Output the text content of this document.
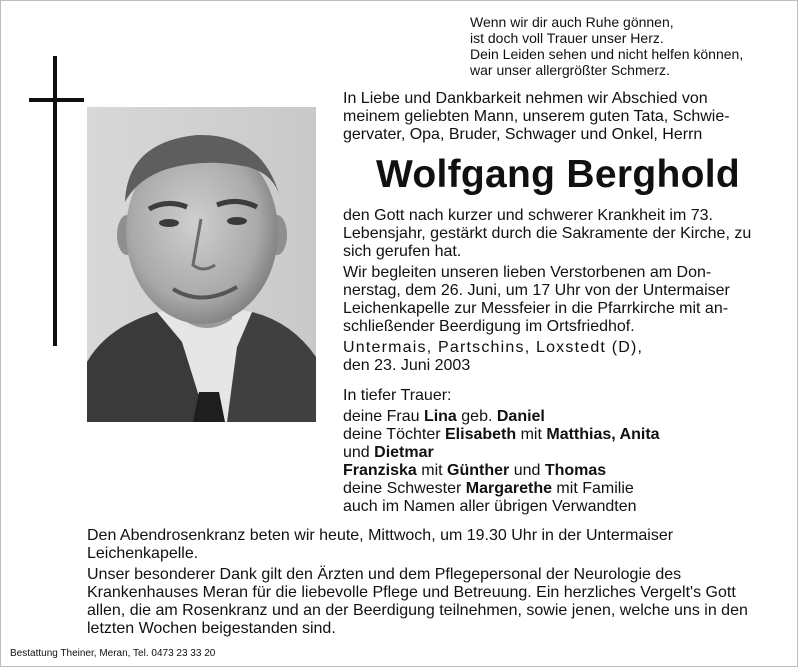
Wenn wir dir auch Ruhe gönnen,
ist doch voll Trauer unser Herz.
Dein Leiden sehen und nicht helfen können,
war unser allergrößter Schmerz.
In Liebe und Dankbarkeit nehmen wir Abschied von
meinem geliebten Mann, unserem guten Tata, Schwie-
gervater, Opa, Bruder, Schwager und Onkel, Herrn
Wolfgang Berghold
den Gott nach kurzer und schwerer Krankheit im 73.
Lebensjahr, gestärkt durch die Sakramente der Kirche, zu
sich gerufen hat.
Wir begleiten unseren lieben Verstorbenen am Don-
nerstag, dem 26. Juni, um 17 Uhr von der Untermaiser
Leichenkapelle zur Messfeier in die Pfarrkirche mit an-
schließender Beerdigung im Ortsfriedhof.
Untermais, Partschins, Loxstedt (D),
den 23. Juni 2003
In tiefer Trauer:
deine Frau Lina geb. Daniel
deine Töchter Elisabeth mit Matthias, Anita
und Dietmar
Franziska mit Günther und Thomas
deine Schwester Margarethe mit Familie
auch im Namen aller übrigen Verwandten
Den Abendrosenkranz beten wir heute, Mittwoch, um 19.30 Uhr in der Untermaiser
Leichenkapelle.
Unser besonderer Dank gilt den Ärzten und dem Pflegepersonal der Neurologie des
Krankenhauses Meran für die liebevolle Pflege und Betreuung. Ein herzliches Vergelt's Gott
allen, die am Rosenkranz und an der Beerdigung teilnehmen, sowie jenen, welche uns in den
letzten Wochen beigestanden sind.
Bestattung Theiner, Meran, Tel. 0473 23 33 20
